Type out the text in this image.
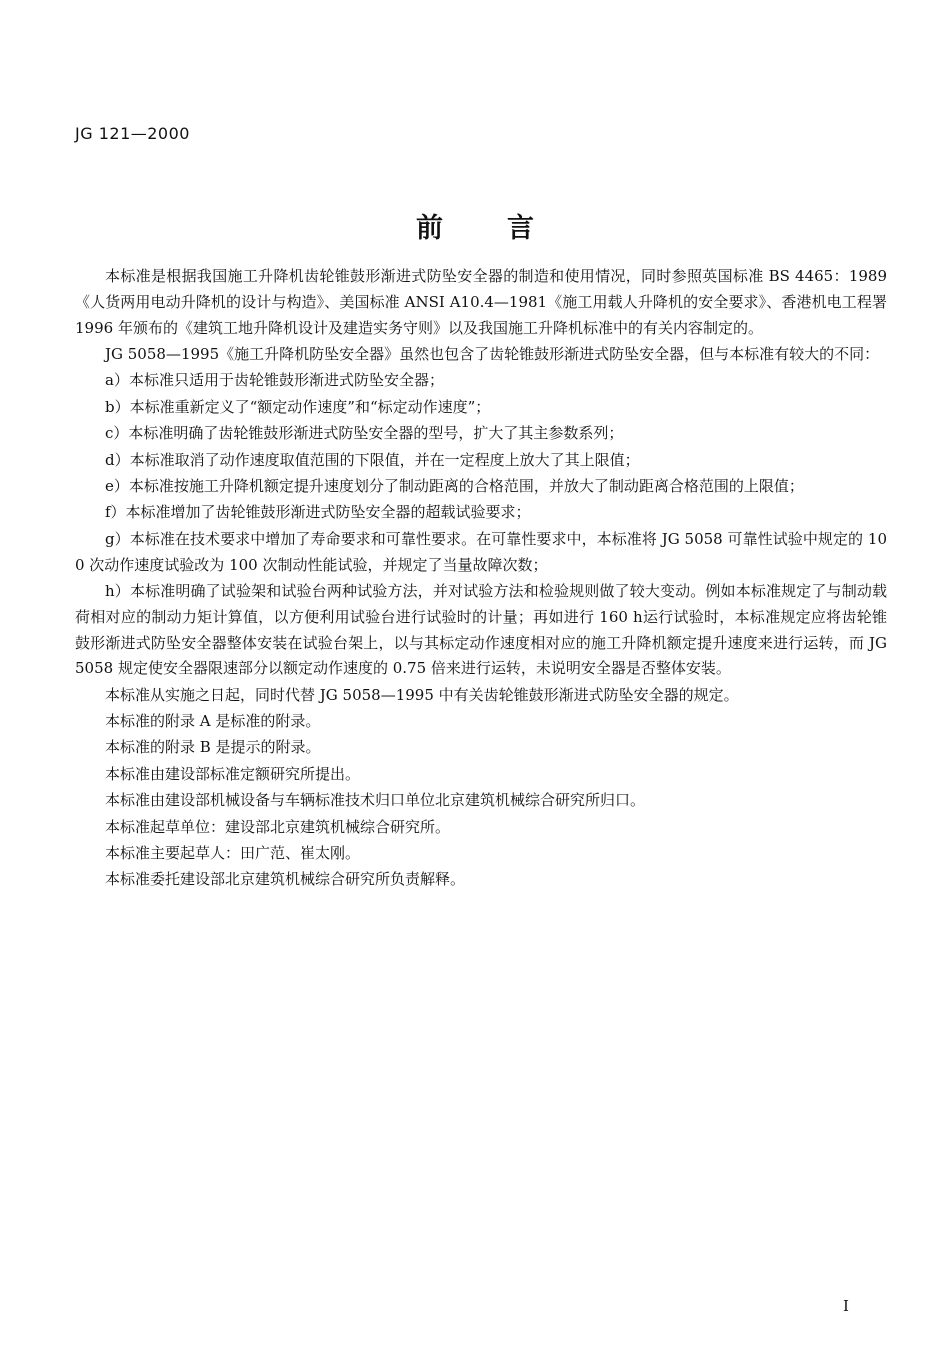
JG 121—2000
前言

本标准是根据我国施工升降机齿轮锥鼓形渐进式防坠安全器的制造和使用情况，同时参照英国标准 BS 4465：1989《人货两用电动升降机的设计与构造》、美国标准 ANSI A10.4—1981《施工用载人升降机的安全要求》、香港机电工程署 1996 年颁布的《建筑工地升降机设计及建造实务守则》以及我国施工升降机标准中的有关内容制定的。

JG 5058—1995《施工升降机防坠安全器》虽然也包含了齿轮锥鼓形渐进式防坠安全器，但与本标准有较大的不同：

a）本标准只适用于齿轮锥鼓形渐进式防坠安全器；

b）本标准重新定义了“额定动作速度”和“标定动作速度”；

c）本标准明确了齿轮锥鼓形渐进式防坠安全器的型号，扩大了其主参数系列；

d）本标准取消了动作速度取值范围的下限值，并在一定程度上放大了其上限值；

e）本标准按施工升降机额定提升速度划分了制动距离的合格范围，并放大了制动距离合格范围的上限值；

f）本标准增加了齿轮锥鼓形渐进式防坠安全器的超载试验要求；

g）本标准在技术要求中增加了寿命要求和可靠性要求。在可靠性要求中，本标准将 JG 5058 可靠性试验中规定的 100 次动作速度试验改为 100 次制动性能试验，并规定了当量故障次数；

h）本标准明确了试验架和试验台两种试验方法，并对试验方法和检验规则做了较大变动。例如本标准规定了与制动载荷相对应的制动力矩计算值，以方便利用试验台进行试验时的计量；再如进行 160 h运行试验时，本标准规定应将齿轮锥鼓形渐进式防坠安全器整体安装在试验台架上，以与其标定动作速度相对应的施工升降机额定提升速度来进行运转，而 JG 5058 规定使安全器限速部分以额定动作速度的 0.75 倍来进行运转，未说明安全器是否整体安装。

本标准从实施之日起，同时代替 JG 5058—1995 中有关齿轮锥鼓形渐进式防坠安全器的规定。

本标准的附录 A 是标准的附录。

本标准的附录 B 是提示的附录。

本标准由建设部标准定额研究所提出。

本标准由建设部机械设备与车辆标准技术归口单位北京建筑机械综合研究所归口。

本标准起草单位：建设部北京建筑机械综合研究所。

本标准主要起草人：田广范、崔太刚。

本标准委托建设部北京建筑机械综合研究所负责解释。

I
